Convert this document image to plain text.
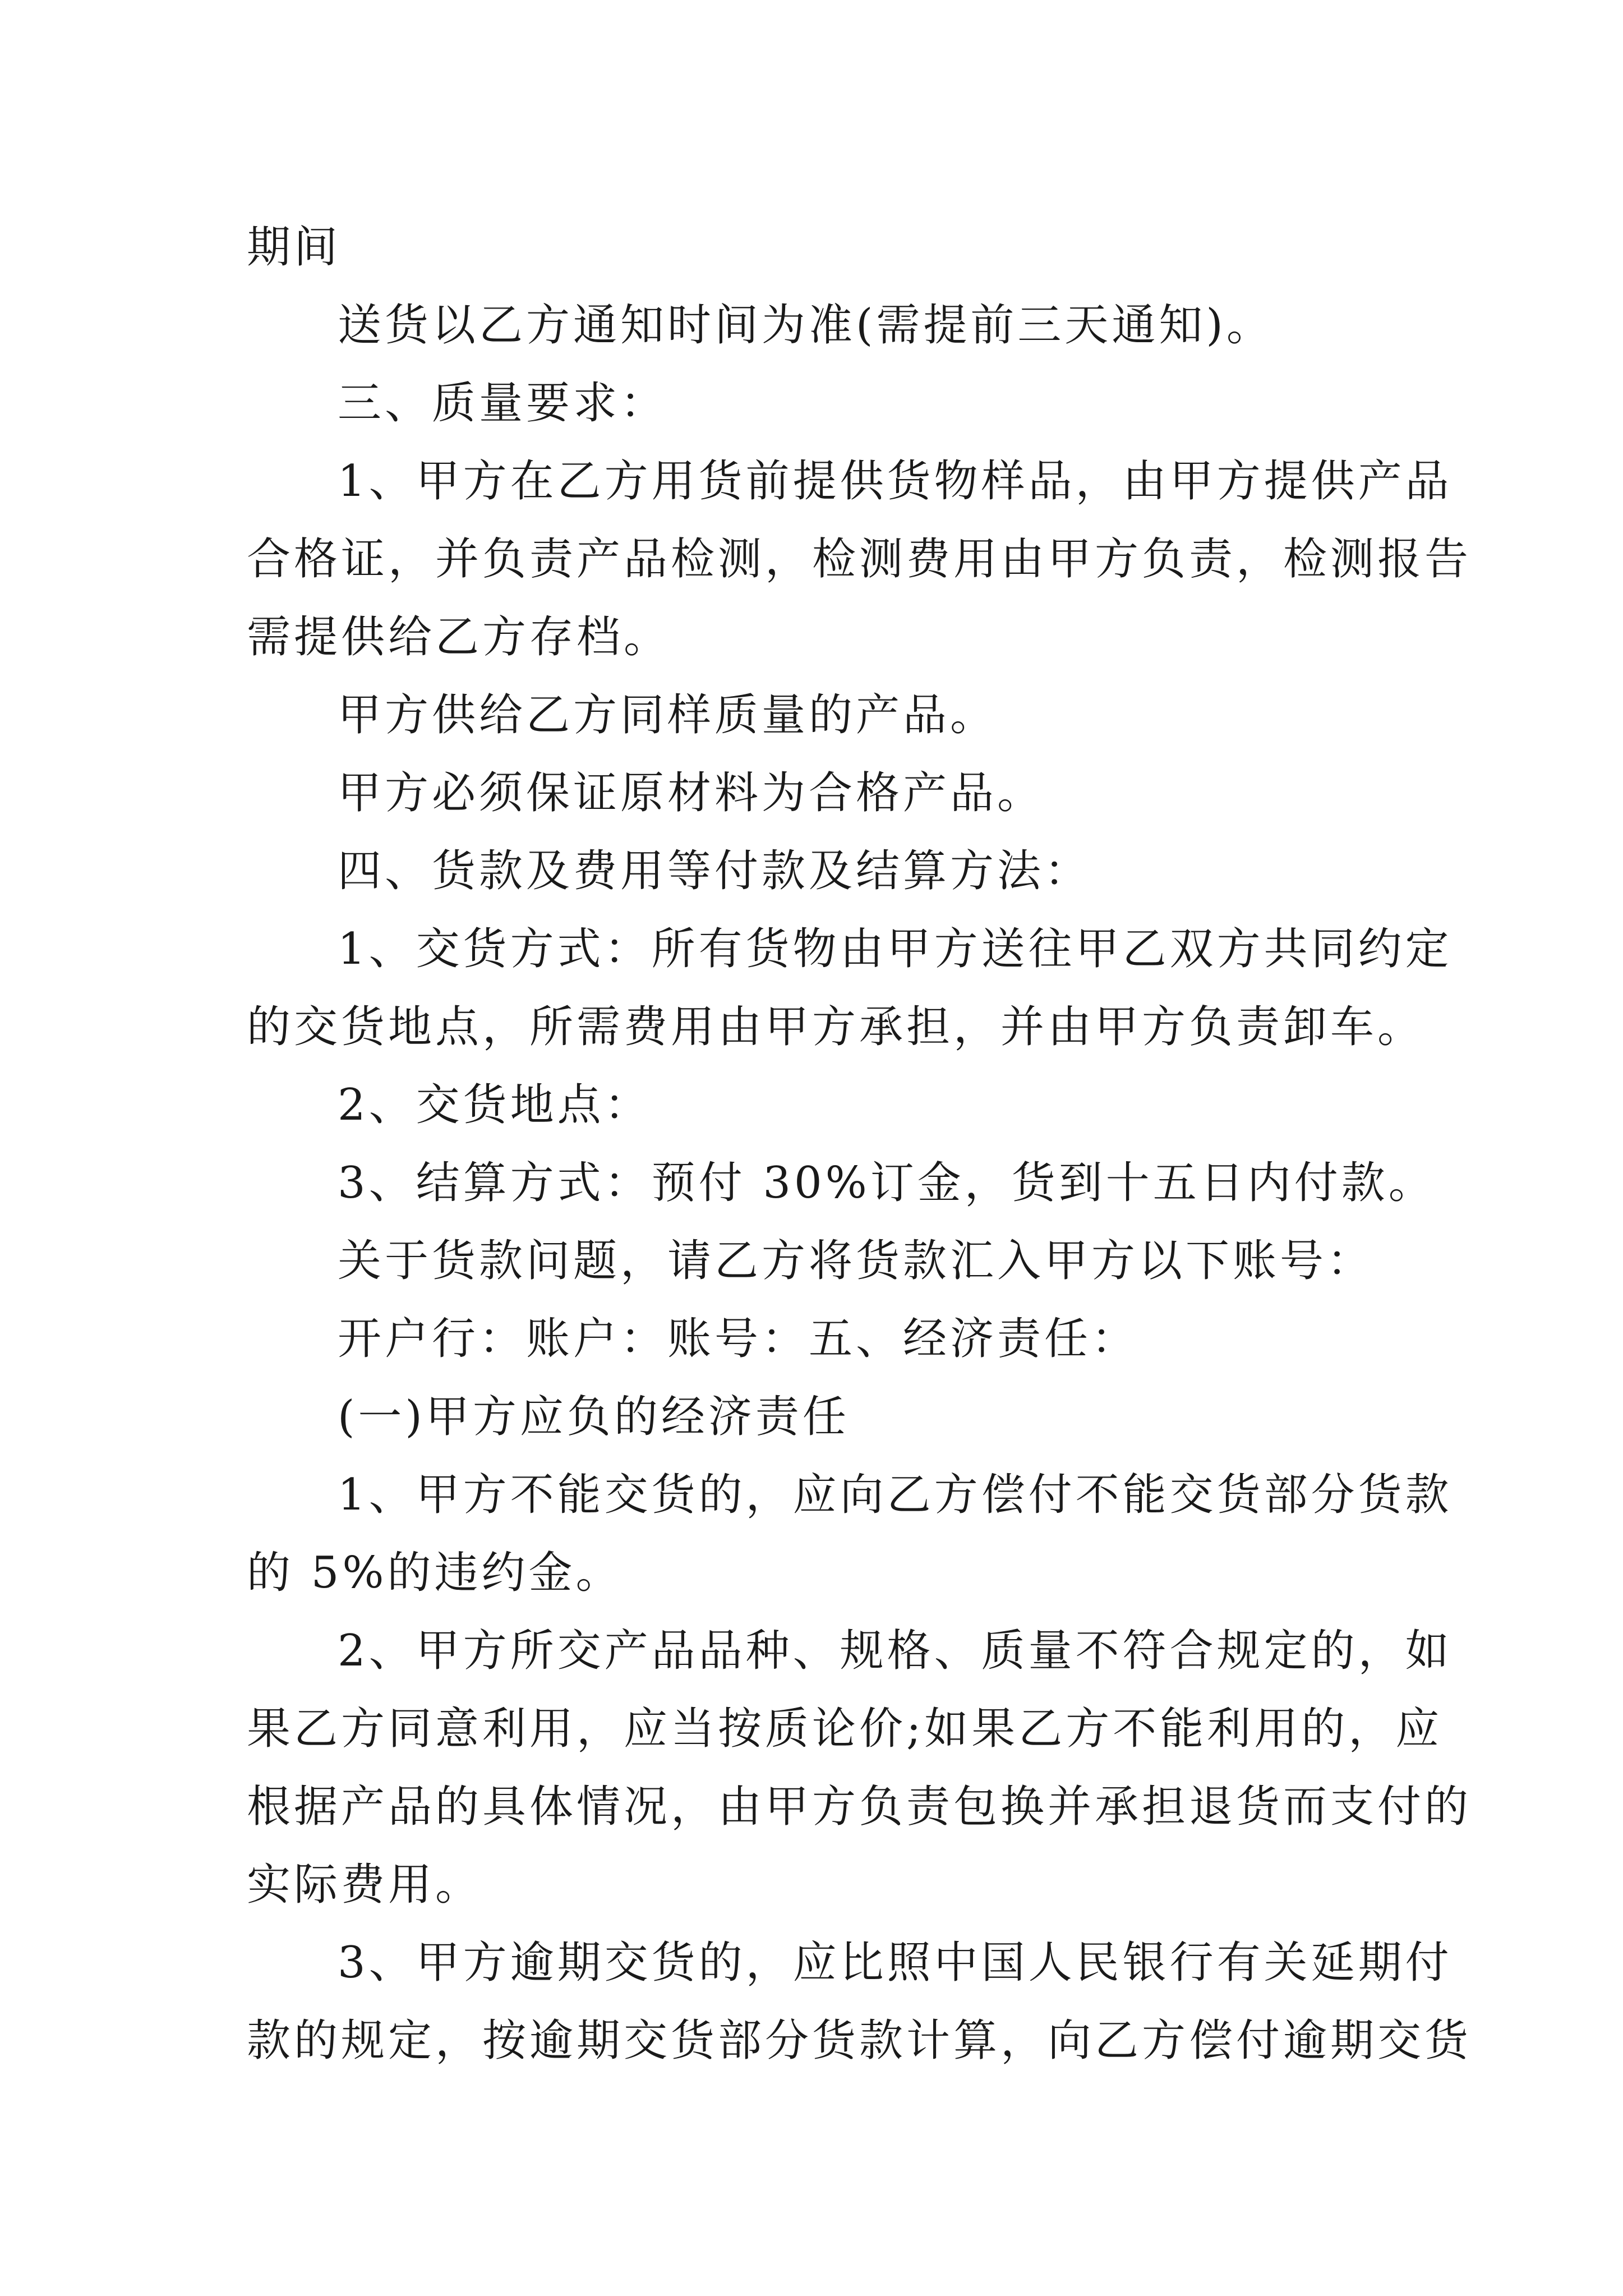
期间

送货以乙方通知时间为准(需提前三天通知)。

三、质量要求：

1、甲方在乙方用货前提供货物样品，由甲方提供产品

合格证，并负责产品检测，检测费用由甲方负责，检测报告

需提供给乙方存档。

甲方供给乙方同样质量的产品。

甲方必须保证原材料为合格产品。

四、货款及费用等付款及结算方法：

1、交货方式：所有货物由甲方送往甲乙双方共同约定

的交货地点，所需费用由甲方承担，并由甲方负责卸车。

2、交货地点：

3、结算方式：预付 30%订金，货到十五日内付款。

关于货款问题，请乙方将货款汇入甲方以下账号：

开户行：账户：账号：五、经济责任：

(一)甲方应负的经济责任

1、甲方不能交货的，应向乙方偿付不能交货部分货款

的 5%的违约金。

2、甲方所交产品品种、规格、质量不符合规定的，如

果乙方同意利用，应当按质论价;如果乙方不能利用的，应

根据产品的具体情况，由甲方负责包换并承担退货而支付的

实际费用。

3、甲方逾期交货的，应比照中国人民银行有关延期付

款的规定，按逾期交货部分货款计算，向乙方偿付逾期交货
